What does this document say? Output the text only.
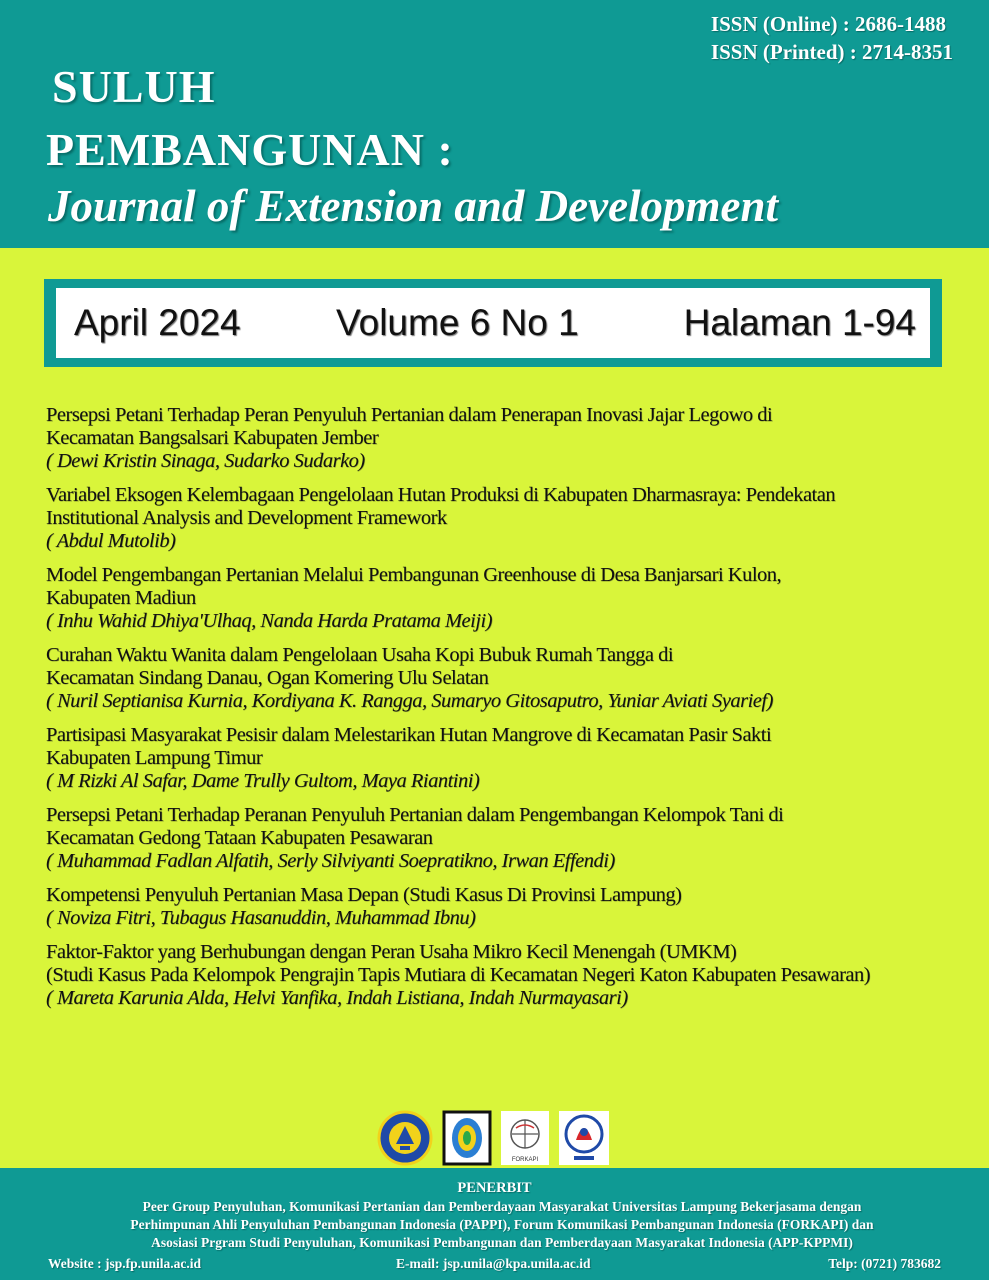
ISSN (Online) : 2686-1488
ISSN (Printed) : 2714-8351
SULUH
PEMBANGUNAN :
Journal of Extension and Development
April 2024	Volume 6 No 1	Halaman 1-94
Persepsi Petani Terhadap Peran Penyuluh Pertanian dalam Penerapan Inovasi Jajar Legowo di
Kecamatan Bangsalsari Kabupaten Jember
( Dewi Kristin Sinaga, Sudarko Sudarko)
Variabel Eksogen Kelembagaan Pengelolaan Hutan Produksi di Kabupaten Dharmasraya: Pendekatan
Institutional Analysis and Development Framework
( Abdul Mutolib)
Model Pengembangan Pertanian Melalui Pembangunan Greenhouse di Desa Banjarsari Kulon,
Kabupaten Madiun
( Inhu Wahid Dhiya'Ulhaq, Nanda Harda Pratama Meiji)
Curahan Waktu Wanita dalam Pengelolaan Usaha Kopi Bubuk Rumah Tangga di
Kecamatan Sindang Danau, Ogan Komering Ulu Selatan
( Nuril Septianisa Kurnia, Kordiyana K. Rangga, Sumaryo Gitosaputro, Yuniar Aviati Syarief)
Partisipasi Masyarakat Pesisir dalam Melestarikan Hutan Mangrove di Kecamatan Pasir Sakti
Kabupaten Lampung Timur
( M Rizki Al Safar, Dame Trully Gultom, Maya Riantini)
Persepsi Petani Terhadap Peranan Penyuluh Pertanian dalam Pengembangan Kelompok Tani di
Kecamatan Gedong Tataan Kabupaten Pesawaran
( Muhammad Fadlan Alfatih, Serly Silviyanti Soepratikno, Irwan Effendi)
Kompetensi Penyuluh Pertanian Masa Depan (Studi Kasus Di Provinsi Lampung)
( Noviza Fitri, Tubagus Hasanuddin, Muhammad Ibnu)
Faktor-Faktor yang Berhubungan dengan Peran Usaha Mikro Kecil Menengah (UMKM)
(Studi Kasus Pada Kelompok Pengrajin Tapis Mutiara di Kecamatan Negeri Katon Kabupaten Pesawaran)
( Mareta Karunia Alda, Helvi Yanfika, Indah Listiana, Indah Nurmayasari)
FORKAPI
PENERBIT
Peer Group Penyuluhan, Komunikasi Pertanian dan Pemberdayaan Masyarakat Universitas Lampung Bekerjasama dengan
Perhimpunan Ahli Penyuluhan Pembangunan Indonesia (PAPPI), Forum Komunikasi Pembangunan Indonesia (FORKAPI) dan
Asosiasi Prgram Studi Penyuluhan, Komunikasi Pembangunan dan Pemberdayaan Masyarakat Indonesia (APP-KPPMI)
Website : jsp.fp.unila.ac.id	E-mail: jsp.unila@kpa.unila.ac.id	Telp: (0721) 783682
